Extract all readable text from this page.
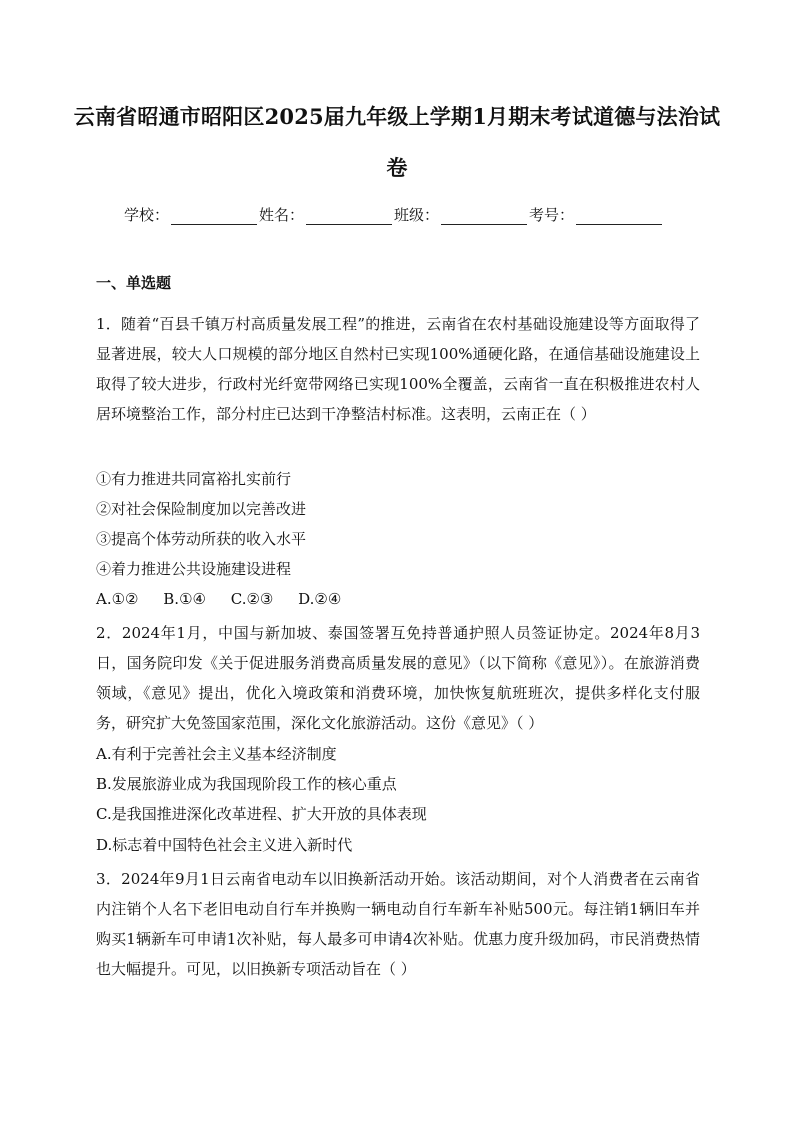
云南省昭通市昭阳区2025届九年级上学期1月期末考试道德与法治试
卷
学校：	姓名：	班级：	考号：
一、单选题
1．随着“百县千镇万村高质量发展工程”的推进，云南省在农村基础设施建设等方面取得了显著进展，较大人口规模的部分地区自然村已实现100%通硬化路，在通信基础设施建设上取得了较大进步，行政村光纤宽带网络已实现100%全覆盖，云南省一直在积极推进农村人居环境整治工作，部分村庄已达到干净整洁村标准。这表明，云南正在（ ）
①有力推进共同富裕扎实前行
②对社会保险制度加以完善改进
③提高个体劳动所获的收入水平
④着力推进公共设施建设进程
A.①② B.①④ C.②③ D.②④
2．2024年1月，中国与新加坡、泰国签署互免持普通护照人员签证协定。2024年8月3日，国务院印发《关于促进服务消费高质量发展的意见》（以下简称《意见》）。在旅游消费领域，《意见》提出，优化入境政策和消费环境，加快恢复航班班次，提供多样化支付服务，研究扩大免签国家范围，深化文化旅游活动。这份《意见》（ ）
A.有利于完善社会主义基本经济制度
B.发展旅游业成为我国现阶段工作的核心重点
C.是我国推进深化改革进程、扩大开放的具体表现
D.标志着中国特色社会主义进入新时代
3．2024年9月1日云南省电动车以旧换新活动开始。该活动期间，对个人消费者在云南省内注销个人名下老旧电动自行车并换购一辆电动自行车新车补贴500元。每注销1辆旧车并购买1辆新车可申请1次补贴，每人最多可申请4次补贴。优惠力度升级加码，市民消费热情也大幅提升。可见，以旧换新专项活动旨在（ ）
